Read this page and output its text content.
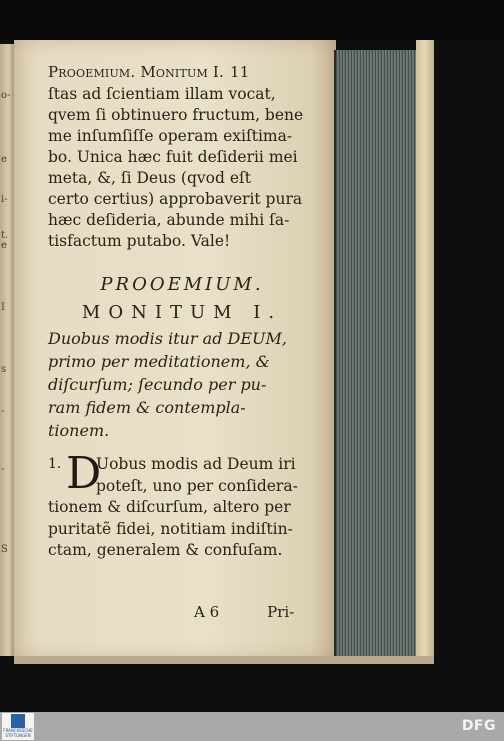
o-
e
i-
t.
e
I
s
-
-
S
Prooemium. Monitum I. 11
ſtas ad ſcientiam illam vocat,
qvem ſi obtinuero fructum, bene
me inſumſiſſe operam exiſtima-
bo. Unica hæc fuit deſiderii mei
meta, &, ſi Deus (qvod eſt
certo certius) approbaverit pura
hæc deſideria, abunde mihi ſa-
tisfactum putabo. Vale!
PROOEMIUM.
MONITUM I.
Duobus modis itur ad DEUM,
primo per meditationem, &
diſcurſum; ſecundo per pu-
ram fidem & contempla-
tionem.
1. D
Uobus modis ad Deum iri
poteſt, uno per conſidera-
tionem & diſcurſum, altero per
puritatẽ fidei, notitiam indiſtin-
ctam, generalem & confuſam.
A 6	Pri-
FRANCKESCHE STIFTUNGEN
DFG
